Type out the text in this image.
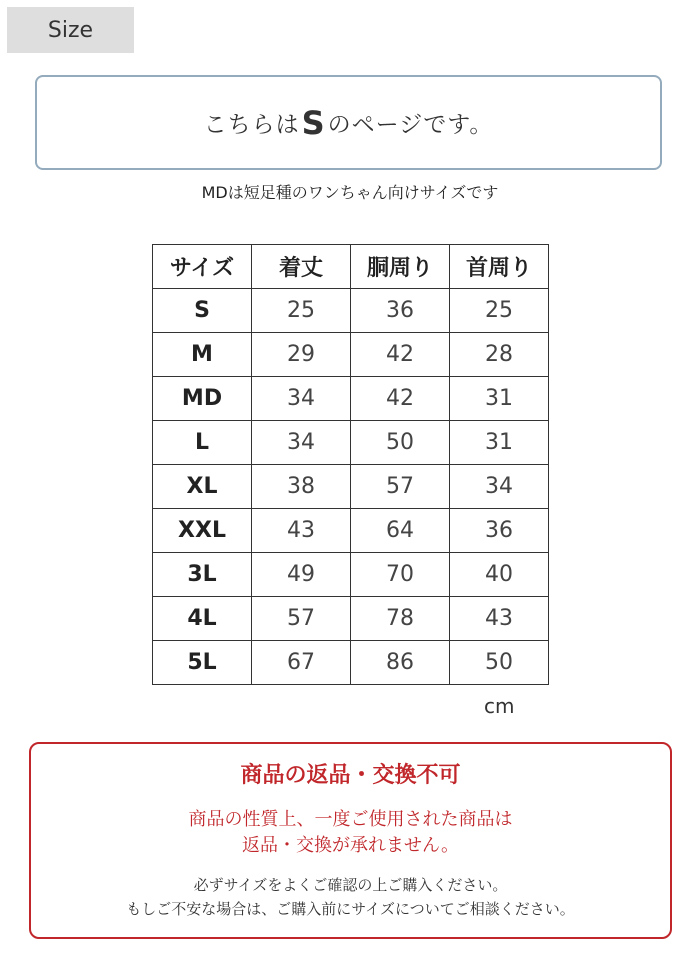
Size
こちらは S のページです。
MDは短足種のワンちゃん向けサイズです
サイズ	着丈	胴周り	首周り
S	25	36	25
M	29	42	28
MD	34	42	31
L	34	50	31
XL	38	57	34
XXL	43	64	36
3L	49	70	40
4L	57	78	43
5L	67	86	50
cm
商品の返品・交換不可
商品の性質上、一度ご使用された商品は
返品・交換が承れません。
必ずサイズをよくご確認の上ご購入ください。
もしご不安な場合は、ご購入前にサイズについてご相談ください。
